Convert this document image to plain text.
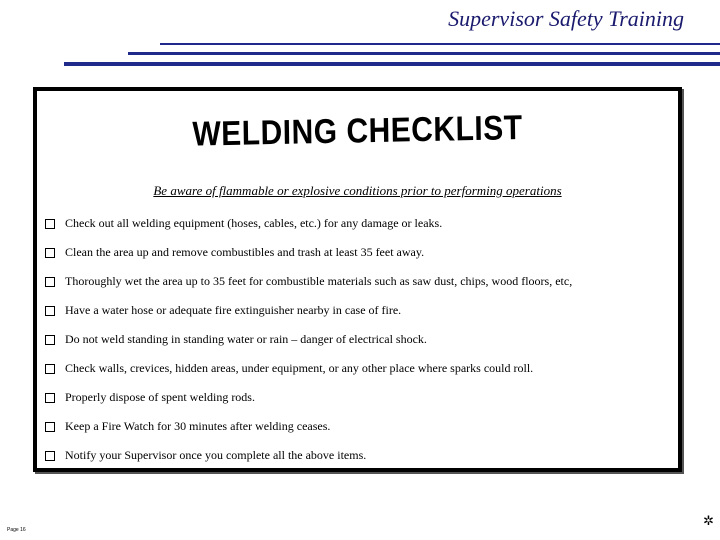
Supervisor Safety Training
WELDING CHECKLIST
Be aware of flammable or explosive conditions prior to performing operations
Check out all welding equipment (hoses, cables, etc.) for any damage or leaks.
Clean the area up and remove combustibles and trash at least 35 feet away.
Thoroughly wet the area up to 35 feet for combustible materials such as saw dust, chips, wood floors, etc,
Have a water hose or adequate fire extinguisher nearby in case of fire.
Do not weld standing in standing water or rain – danger of electrical shock.
Check walls, crevices, hidden areas, under equipment, or any other place where sparks could roll.
Properly dispose of spent welding rods.
Keep a Fire Watch for 30 minutes after welding ceases.
Notify your Supervisor once you complete all the above items.
Page 16
✲
